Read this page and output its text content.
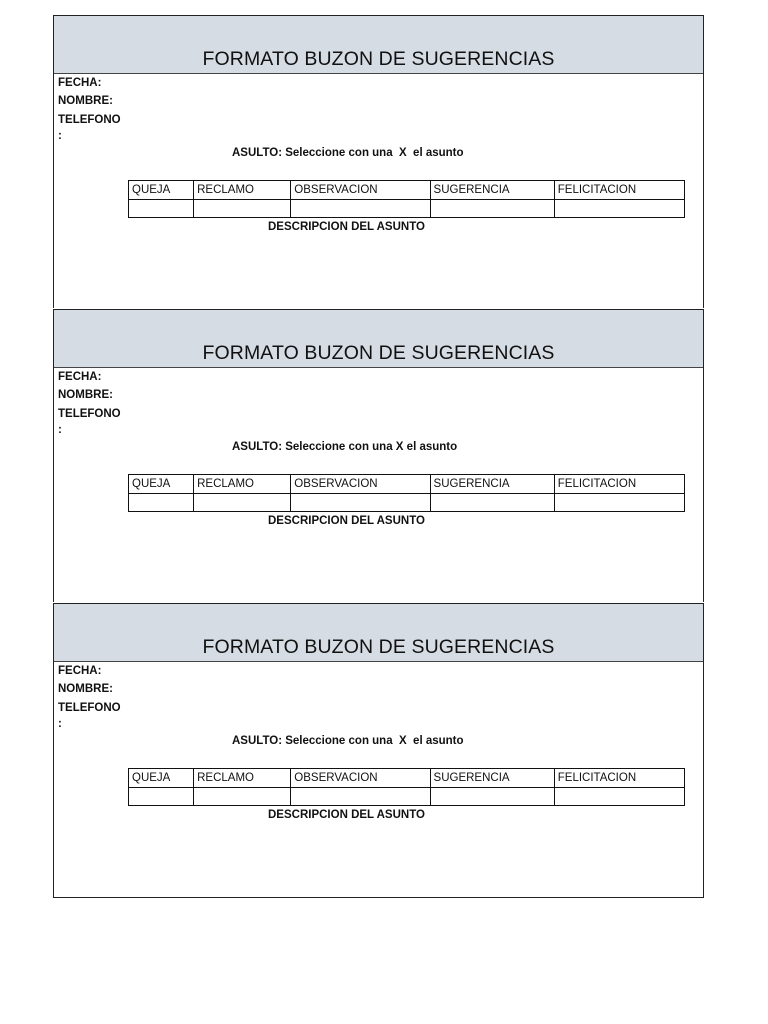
FORMATO BUZON DE SUGERENCIAS
FECHA:
NOMBRE:
TELEFONO
:
ASULTO: Seleccione con una  X  el asunto
QUEJA	RECLAMO	OBSERVACION	SUGERENCIA	FELICITACION

DESCRIPCION DEL ASUNTO
FORMATO BUZON DE SUGERENCIAS
FECHA:
NOMBRE:
TELEFONO
:
ASULTO: Seleccione con una X el asunto
QUEJA	RECLAMO	OBSERVACION	SUGERENCIA	FELICITACION

DESCRIPCION DEL ASUNTO
FORMATO BUZON DE SUGERENCIAS
FECHA:
NOMBRE:
TELEFONO
:
ASULTO: Seleccione con una  X  el asunto
QUEJA	RECLAMO	OBSERVACION	SUGERENCIA	FELICITACION

DESCRIPCION DEL ASUNTO
